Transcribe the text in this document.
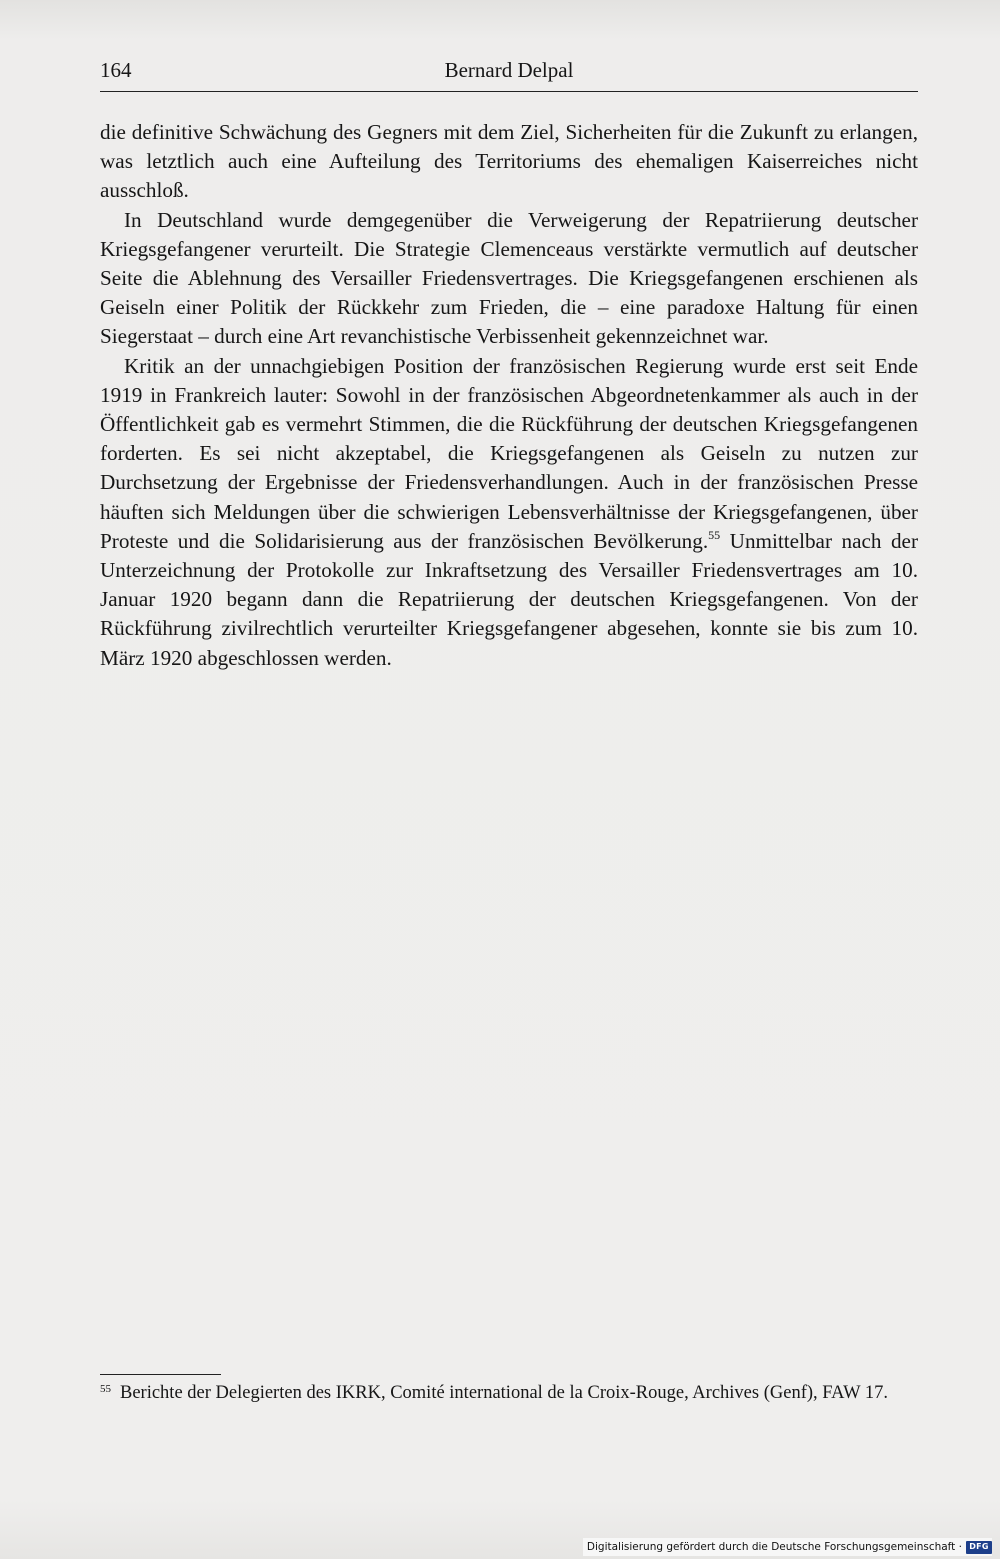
164	Bernard Delpal

die definitive Schwächung des Gegners mit dem Ziel, Sicherheiten für die Zukunft zu erlangen, was letztlich auch eine Aufteilung des Territoriums des ehemaligen Kaiserreiches nicht ausschloß.

In Deutschland wurde demgegenüber die Verweigerung der Repatriierung deutscher Kriegsgefangener verurteilt. Die Strategie Clemenceaus verstärkte vermutlich auf deutscher Seite die Ablehnung des Versailler Friedensvertrages. Die Kriegsgefangenen erschienen als Geiseln einer Politik der Rückkehr zum Frieden, die – eine paradoxe Haltung für einen Siegerstaat – durch eine Art revanchistische Verbissenheit gekennzeichnet war.

Kritik an der unnachgiebigen Position der französischen Regierung wurde erst seit Ende 1919 in Frankreich lauter: Sowohl in der französischen Abgeordnetenkammer als auch in der Öffentlichkeit gab es vermehrt Stimmen, die die Rückführung der deutschen Kriegsgefangenen forderten. Es sei nicht akzeptabel, die Kriegsgefangenen als Geiseln zu nutzen zur Durchsetzung der Ergebnisse der Friedensverhandlungen. Auch in der französischen Presse häuften sich Meldungen über die schwierigen Lebensverhältnisse der Kriegsgefangenen, über Proteste und die Solidarisierung aus der französischen Bevölkerung.$^{55}$ Unmittelbar nach der Unterzeichnung der Protokolle zur Inkraftsetzung des Versailler Friedensvertrages am 10. Januar 1920 begann dann die Repatriierung der deutschen Kriegsgefangenen. Von der Rückführung zivilrechtlich verurteilter Kriegsgefangener abgesehen, konnte sie bis zum 10. März 1920 abgeschlossen werden.

55 Berichte der Delegierten des IKRK, Comité international de la Croix-Rouge, Archives (Genf), FAW 17.
Digitalisierung gefördert durch die Deutsche Forschungsgemeinschaft · DFG
